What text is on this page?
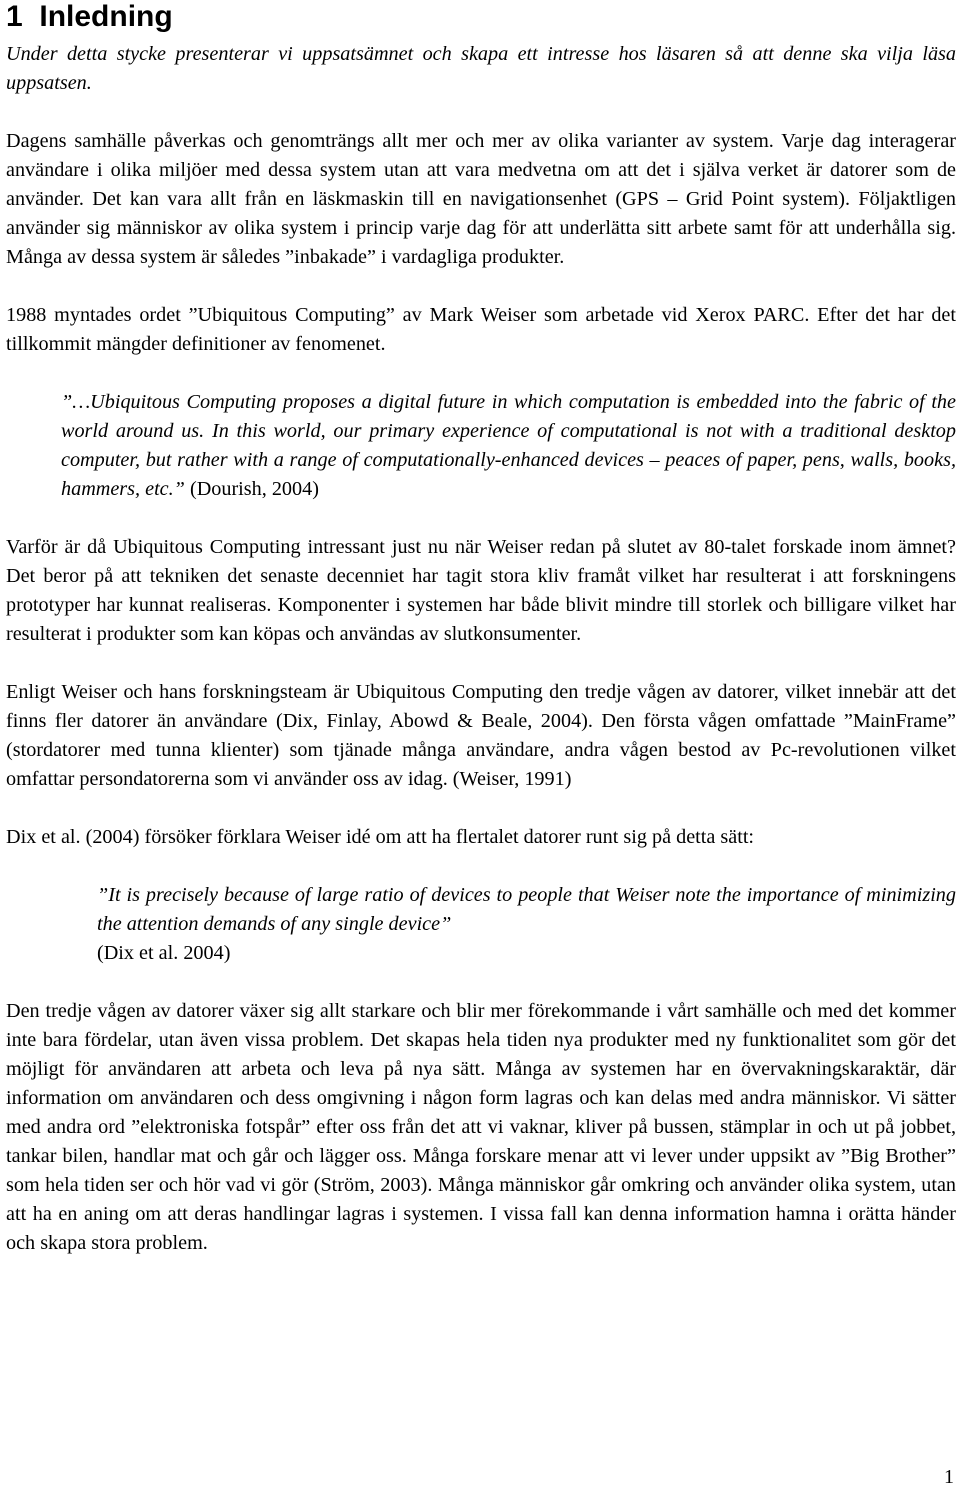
1 Inledning

Under detta stycke presenterar vi uppsatsämnet och skapa ett intresse hos läsaren så att denne ska vilja läsa uppsatsen.

Dagens samhälle påverkas och genomträngs allt mer och mer av olika varianter av system. Varje dag interagerar användare i olika miljöer med dessa system utan att vara medvetna om att det i själva verket är datorer som de använder. Det kan vara allt från en läskmaskin till en navigationsenhet (GPS – Grid Point system). Följaktligen använder sig människor av olika system i princip varje dag för att underlätta sitt arbete samt för att underhålla sig. Många av dessa system är således ”inbakade” i vardagliga produkter.

1988 myntades ordet ”Ubiquitous Computing” av Mark Weiser som arbetade vid Xerox PARC. Efter det har det tillkommit mängder definitioner av fenomenet.

”…Ubiquitous Computing proposes a digital future in which computation is embedded into the fabric of the world around us. In this world, our primary experience of computational is not with a traditional desktop computer, but rather with a range of computationally-enhanced devices – peaces of paper, pens, walls, books, hammers, etc.” (Dourish, 2004)

Varför är då Ubiquitous Computing intressant just nu när Weiser redan på slutet av 80-talet forskade inom ämnet? Det beror på att tekniken det senaste decenniet har tagit stora kliv framåt vilket har resulterat i att forskningens prototyper har kunnat realiseras. Komponenter i systemen har både blivit mindre till storlek och billigare vilket har resulterat i produkter som kan köpas och användas av slutkonsumenter.

Enligt Weiser och hans forskningsteam är Ubiquitous Computing den tredje vågen av datorer, vilket innebär att det finns fler datorer än användare (Dix, Finlay, Abowd & Beale, 2004). Den första vågen omfattade ”MainFrame” (stordatorer med tunna klienter) som tjänade många användare, andra vågen bestod av Pc-revolutionen vilket omfattar persondatorerna som vi använder oss av idag. (Weiser, 1991)

Dix et al. (2004) försöker förklara Weiser idé om att ha flertalet datorer runt sig på detta sätt:

”It is precisely because of large ratio of devices to people that Weiser note the importance of minimizing the attention demands of any single device”
(Dix et al. 2004)

Den tredje vågen av datorer växer sig allt starkare och blir mer förekommande i vårt samhälle och med det kommer inte bara fördelar, utan även vissa problem. Det skapas hela tiden nya produkter med ny funktionalitet som gör det möjligt för användaren att arbeta och leva på nya sätt. Många av systemen har en övervakningskaraktär, där information om användaren och dess omgivning i någon form lagras och kan delas med andra människor. Vi sätter med andra ord ”elektroniska fotspår” efter oss från det att vi vaknar, kliver på bussen, stämplar in och ut på jobbet, tankar bilen, handlar mat och går och lägger oss. Många forskare menar att vi lever under uppsikt av ”Big Brother” som hela tiden ser och hör vad vi gör (Ström, 2003). Många människor går omkring och använder olika system, utan att ha en aning om att deras handlingar lagras i systemen. I vissa fall kan denna information hamna i orätta händer och skapa stora problem.

1
